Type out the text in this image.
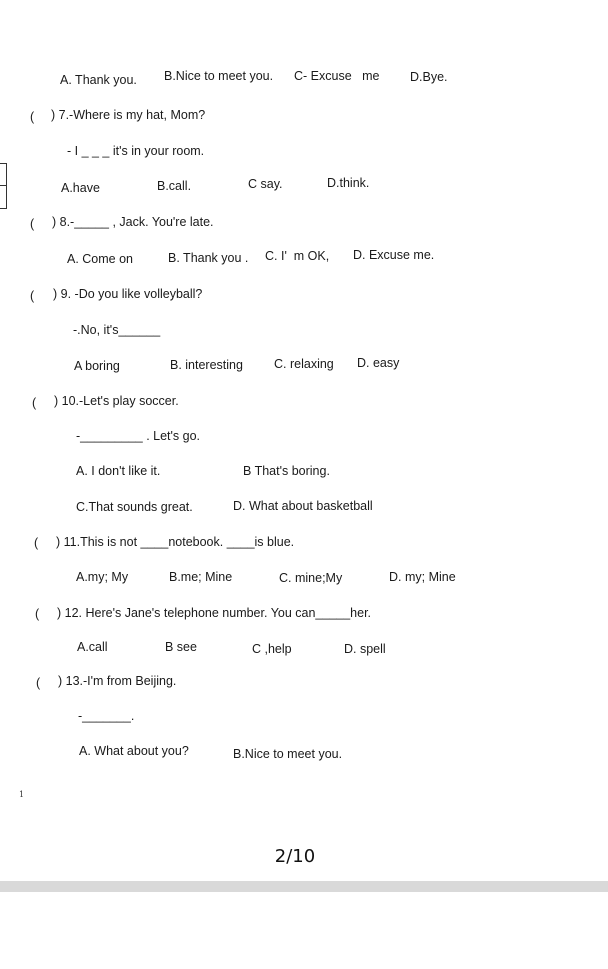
A. Thank you. B.Nice to meet you. C- Excuse   me D.Bye.
( ) 7.-Where is my hat, Mom?
- I _ _ _ it's in your room.
A.have	B.call.	C say.	D.think.
( ) 8.-_____ , Jack. You're late.
A. Come on	B. Thank you . C. I'  m OK, D. Excuse me.
( ) 9. -Do you like volleyball?
-.No, it's______
A boring	B. interesting C. relaxing D. easy
( ) 10.-Let's play soccer.
-_________ . Let's go.
A. I don't like it.	B That's boring.
C.That sounds great.	D. What about basketball
( ) 11.This is not ____notebook. ____is blue.
A.my; My	B.me; Mine	C. mine;My	D. my; Mine
( ) 12. Here's Jane's telephone number. You can_____her.
A.call	B see	C ,help	D. spell
( ) 13.-I'm from Beijing.
-_______.
A. What about you?	B.Nice to meet you.
1
2/10
